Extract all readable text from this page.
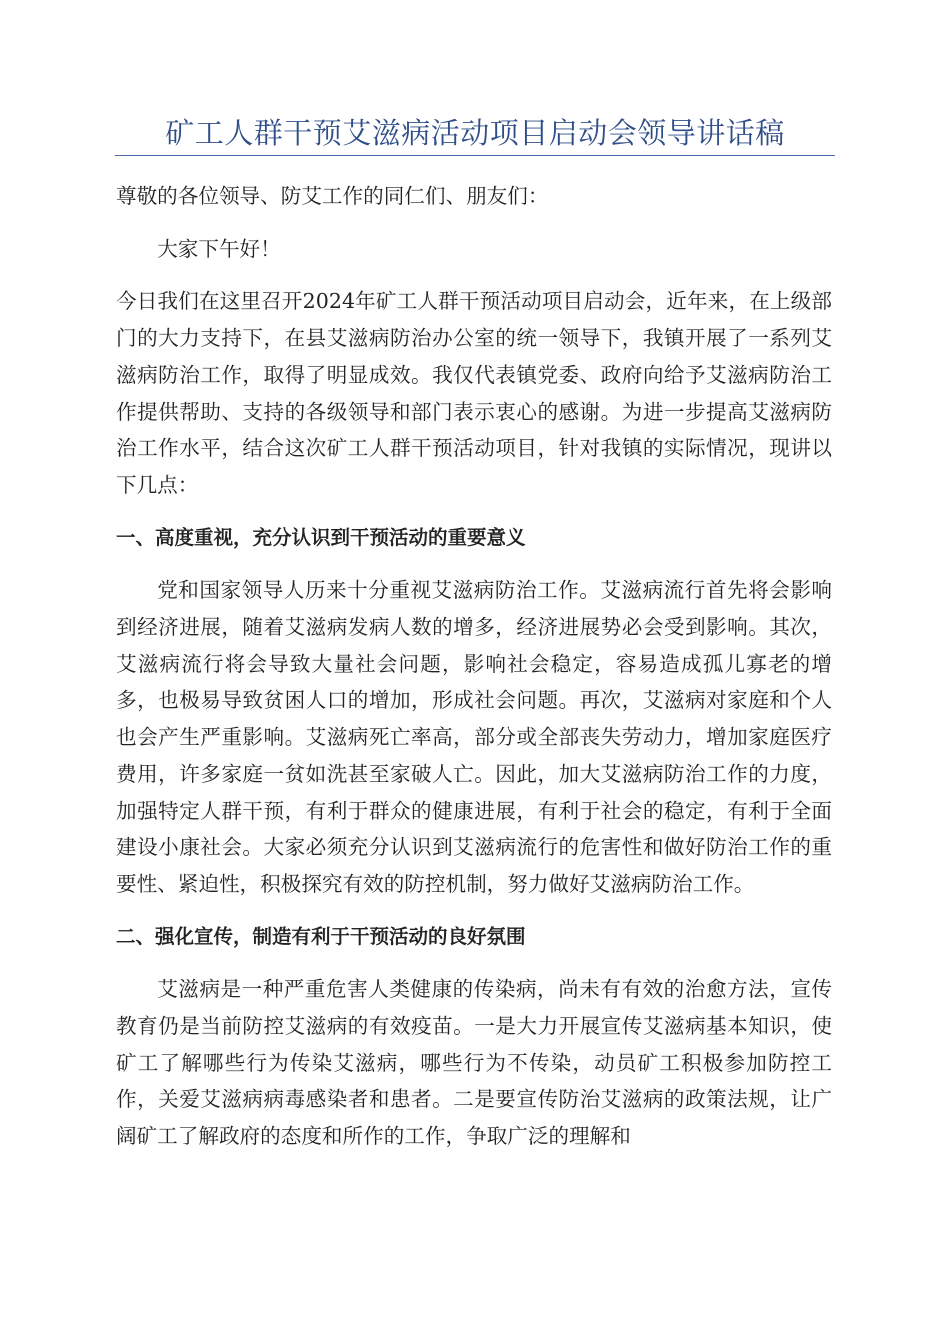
矿工人群干预艾滋病活动项目启动会领导讲话稿

尊敬的各位领导、防艾工作的同仁们、朋友们：

大家下午好！

今日我们在这里召开2024年矿工人群干预活动项目启动会，近年来，在上级部门的大力支持下，在县艾滋病防治办公室的统一领导下，我镇开展了一系列艾滋病防治工作，取得了明显成效。我仅代表镇党委、政府向给予艾滋病防治工作提供帮助、支持的各级领导和部门表示衷心的感谢。为进一步提高艾滋病防治工作水平，结合这次矿工人群干预活动项目，针对我镇的实际情况，现讲以下几点：

一、高度重视，充分认识到干预活动的重要意义

党和国家领导人历来十分重视艾滋病防治工作。艾滋病流行首先将会影响到经济进展，随着艾滋病发病人数的增多，经济进展势必会受到影响。其次，艾滋病流行将会导致大量社会问题，影响社会稳定，容易造成孤儿寡老的增多，也极易导致贫困人口的增加，形成社会问题。再次，艾滋病对家庭和个人也会产生严重影响。艾滋病死亡率高，部分或全部丧失劳动力，增加家庭医疗费用，许多家庭一贫如洗甚至家破人亡。因此，加大艾滋病防治工作的力度，加强特定人群干预，有利于群众的健康进展，有利于社会的稳定，有利于全面建设小康社会。大家必须充分认识到艾滋病流行的危害性和做好防治工作的重要性、紧迫性，积极探究有效的防控机制，努力做好艾滋病防治工作。

二、强化宣传，制造有利于干预活动的良好氛围

艾滋病是一种严重危害人类健康的传染病，尚未有有效的治愈方法，宣传教育仍是当前防控艾滋病的有效疫苗。一是大力开展宣传艾滋病基本知识，使矿工了解哪些行为传染艾滋病，哪些行为不传染，动员矿工积极参加防控工作，关爱艾滋病病毒感染者和患者。二是要宣传防治艾滋病的政策法规，让广阔矿工了解政府的态度和所作的工作，争取广泛的理解和
